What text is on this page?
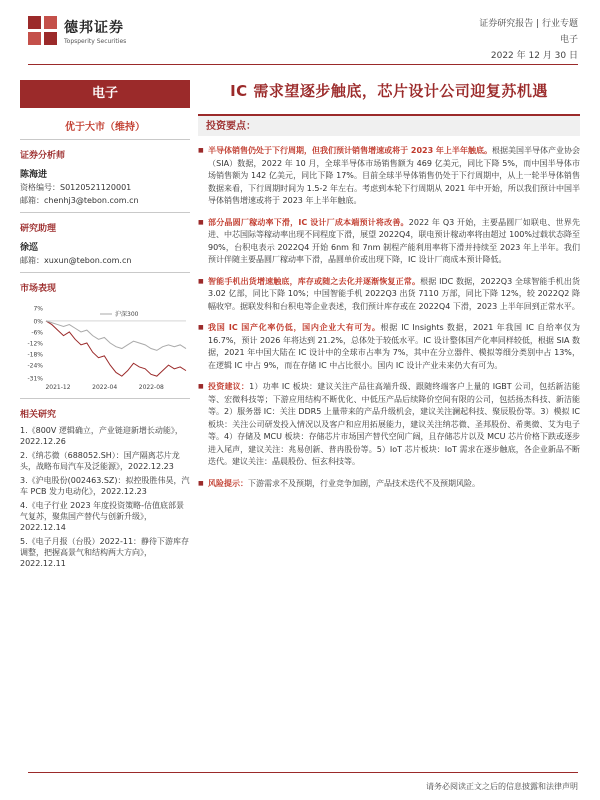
德邦证券
Topsperity Securities
证券研究报告 | 行业专题
电子
2022 年 12 月 30 日
电子
优于大市（维持）
证券分析师
陈海进
资格编号：S0120521120001
邮箱：chenhj3@tebon.com.cn
研究助理
徐巡
邮箱：xuxun@tebon.com.cn
市场表现
7%
0%
-6%
-12%
-18%
-24%
-31%
2021-12	2022-04	2022-08
沪深300
相关研究
1.《800V 逻辑确立，产业链迎新增长动能》，2022.12.26
2.《纳芯微（688052.SH）：国产隔离芯片龙头，战略布局汽车及泛能源》，2022.12.23
3.《沪电股份(002463.SZ)：拟控股胜伟昊，汽车 PCB 发力电动化》，2022.12.23
4.《电子行业 2023 年度投资策略-估值底部景气复苏，聚焦国产替代与创新升级》，2022.12.14
5.《电子月报（台股）2022-11：静待下游库存调整，把握高景气和结构两大方向》，2022.12.11
IC 需求望逐步触底，芯片设计公司迎复苏机遇
投资要点：
■ 半导体销售仍处于下行周期，但我们预计销售增速或将于 2023 年上半年触底。根据美国半导体产业协会（SIA）数据，2022 年 10 月，全球半导体市场销售额为 469 亿美元，同比下降 5%，而中国半导体市场销售额为 142 亿美元，同比下降 17%。目前全球半导体销售仍处于下行周期中，从上一轮半导体销售数据来看，下行周期时间为 1.5-2 年左右。考虑到本轮下行周期从 2021 年中开始，所以我们预计中国半导体销售增速或将于 2023 年上半年触底。
■ 部分晶圆厂稼动率下滑，IC 设计厂成本端预计将改善。2022 年 Q3 开始，主要晶圆厂如联电、世界先进、中芯国际等稼动率出现不同程度下滑，展望 2022Q4，联电预计稼动率将由超过 100%过载状态降至 90%，台积电表示 2022Q4 开始 6nm 和 7nm 制程产能利用率将下滑并持续至 2023 年上半年。我们预计伴随主要晶圆厂稼动率下滑，晶圆单价或出现下降，IC 设计厂商成本预计降低。
■ 智能手机出货增速触底，库存或随之去化并逐渐恢复正常。根据 IDC 数据，2022Q3 全球智能手机出货 3.02 亿部，同比下降 10%；中国智能手机 2022Q3 出货 7110 万部，同比下降 12%，较 2022Q2 降幅收窄。据联发科和台积电等企业表述，我们预计库存或在 2022Q4 下滑，2023 上半年回到正常水平。
■ 我国 IC 国产化率仍低，国内企业大有可为。根据 IC Insights 数据，2021 年我国 IC 自给率仅为 16.7%，预计 2026 年将达到 21.2%，总体处于较低水平。IC 设计整体国产化率同样较低，根据 SIA 数据，2021 年中国大陆在 IC 设计中的全球市占率为 7%，其中在分立器件、模拟等细分类别中占 13%，在逻辑 IC 中占 9%，而在存储 IC 中占比很小。国内 IC 设计产业未来仍大有可为。
■ 投资建议：1）功率 IC 板块：建议关注产品往高端升级、跟随终端客户上量的 IGBT 公司，包括新洁能等、宏微科技等；下游应用结构不断优化、中低压产品后续降价空间有限的公司，包括扬杰科技、新洁能等。2）服务器 IC：关注 DDR5 上量带来的产品升级机会，建议关注澜起科技、聚辰股份等。3）模拟 IC 板块：关注公司研发投入情况以及客户和应用拓展能力，建议关注纳芯微、圣邦股份、希奥微、艾为电子等。4）存储及 MCU 板块：存储芯片市场国产替代空间广阔，且存储芯片以及 MCU 芯片价格下跌或逐步进入尾声，建议关注：兆易创新、普冉股份等。5）IoT 芯片板块：IoT 需求在逐步触底，各企业新品不断迭代。建议关注：晶晨股份、恒玄科技等。
■ 风险提示：下游需求不及预期，行业竞争加剧，产品技术迭代不及预期风险。
请务必阅读正文之后的信息披露和法律声明
